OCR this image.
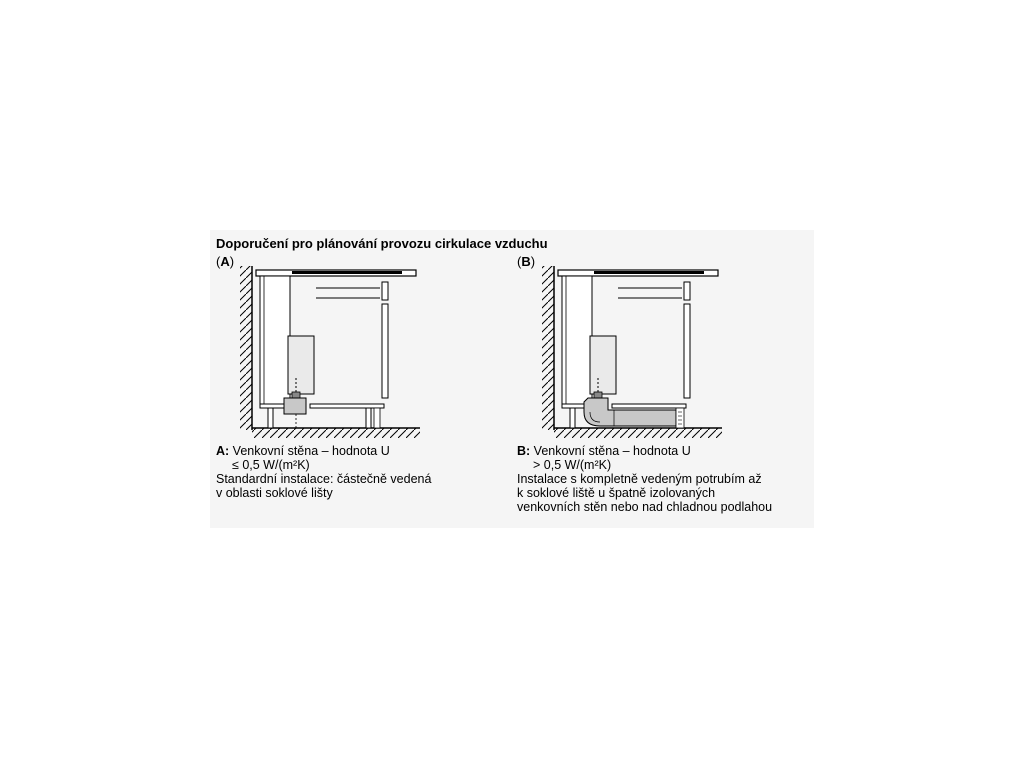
Doporučení pro plánování provozu cirkulace vzduchu
(A)
A: Venkovní stěna – hodnota U
≤ 0,5 W/(m²K)
Standardní instalace: částečně vedená
v oblasti soklové lišty
(B)
B: Venkovní stěna – hodnota U
> 0,5 W/(m²K)
Instalace s kompletně vedeným potrubím až
k soklové liště u špatně izolovaných
venkovních stěn nebo nad chladnou podlahou
